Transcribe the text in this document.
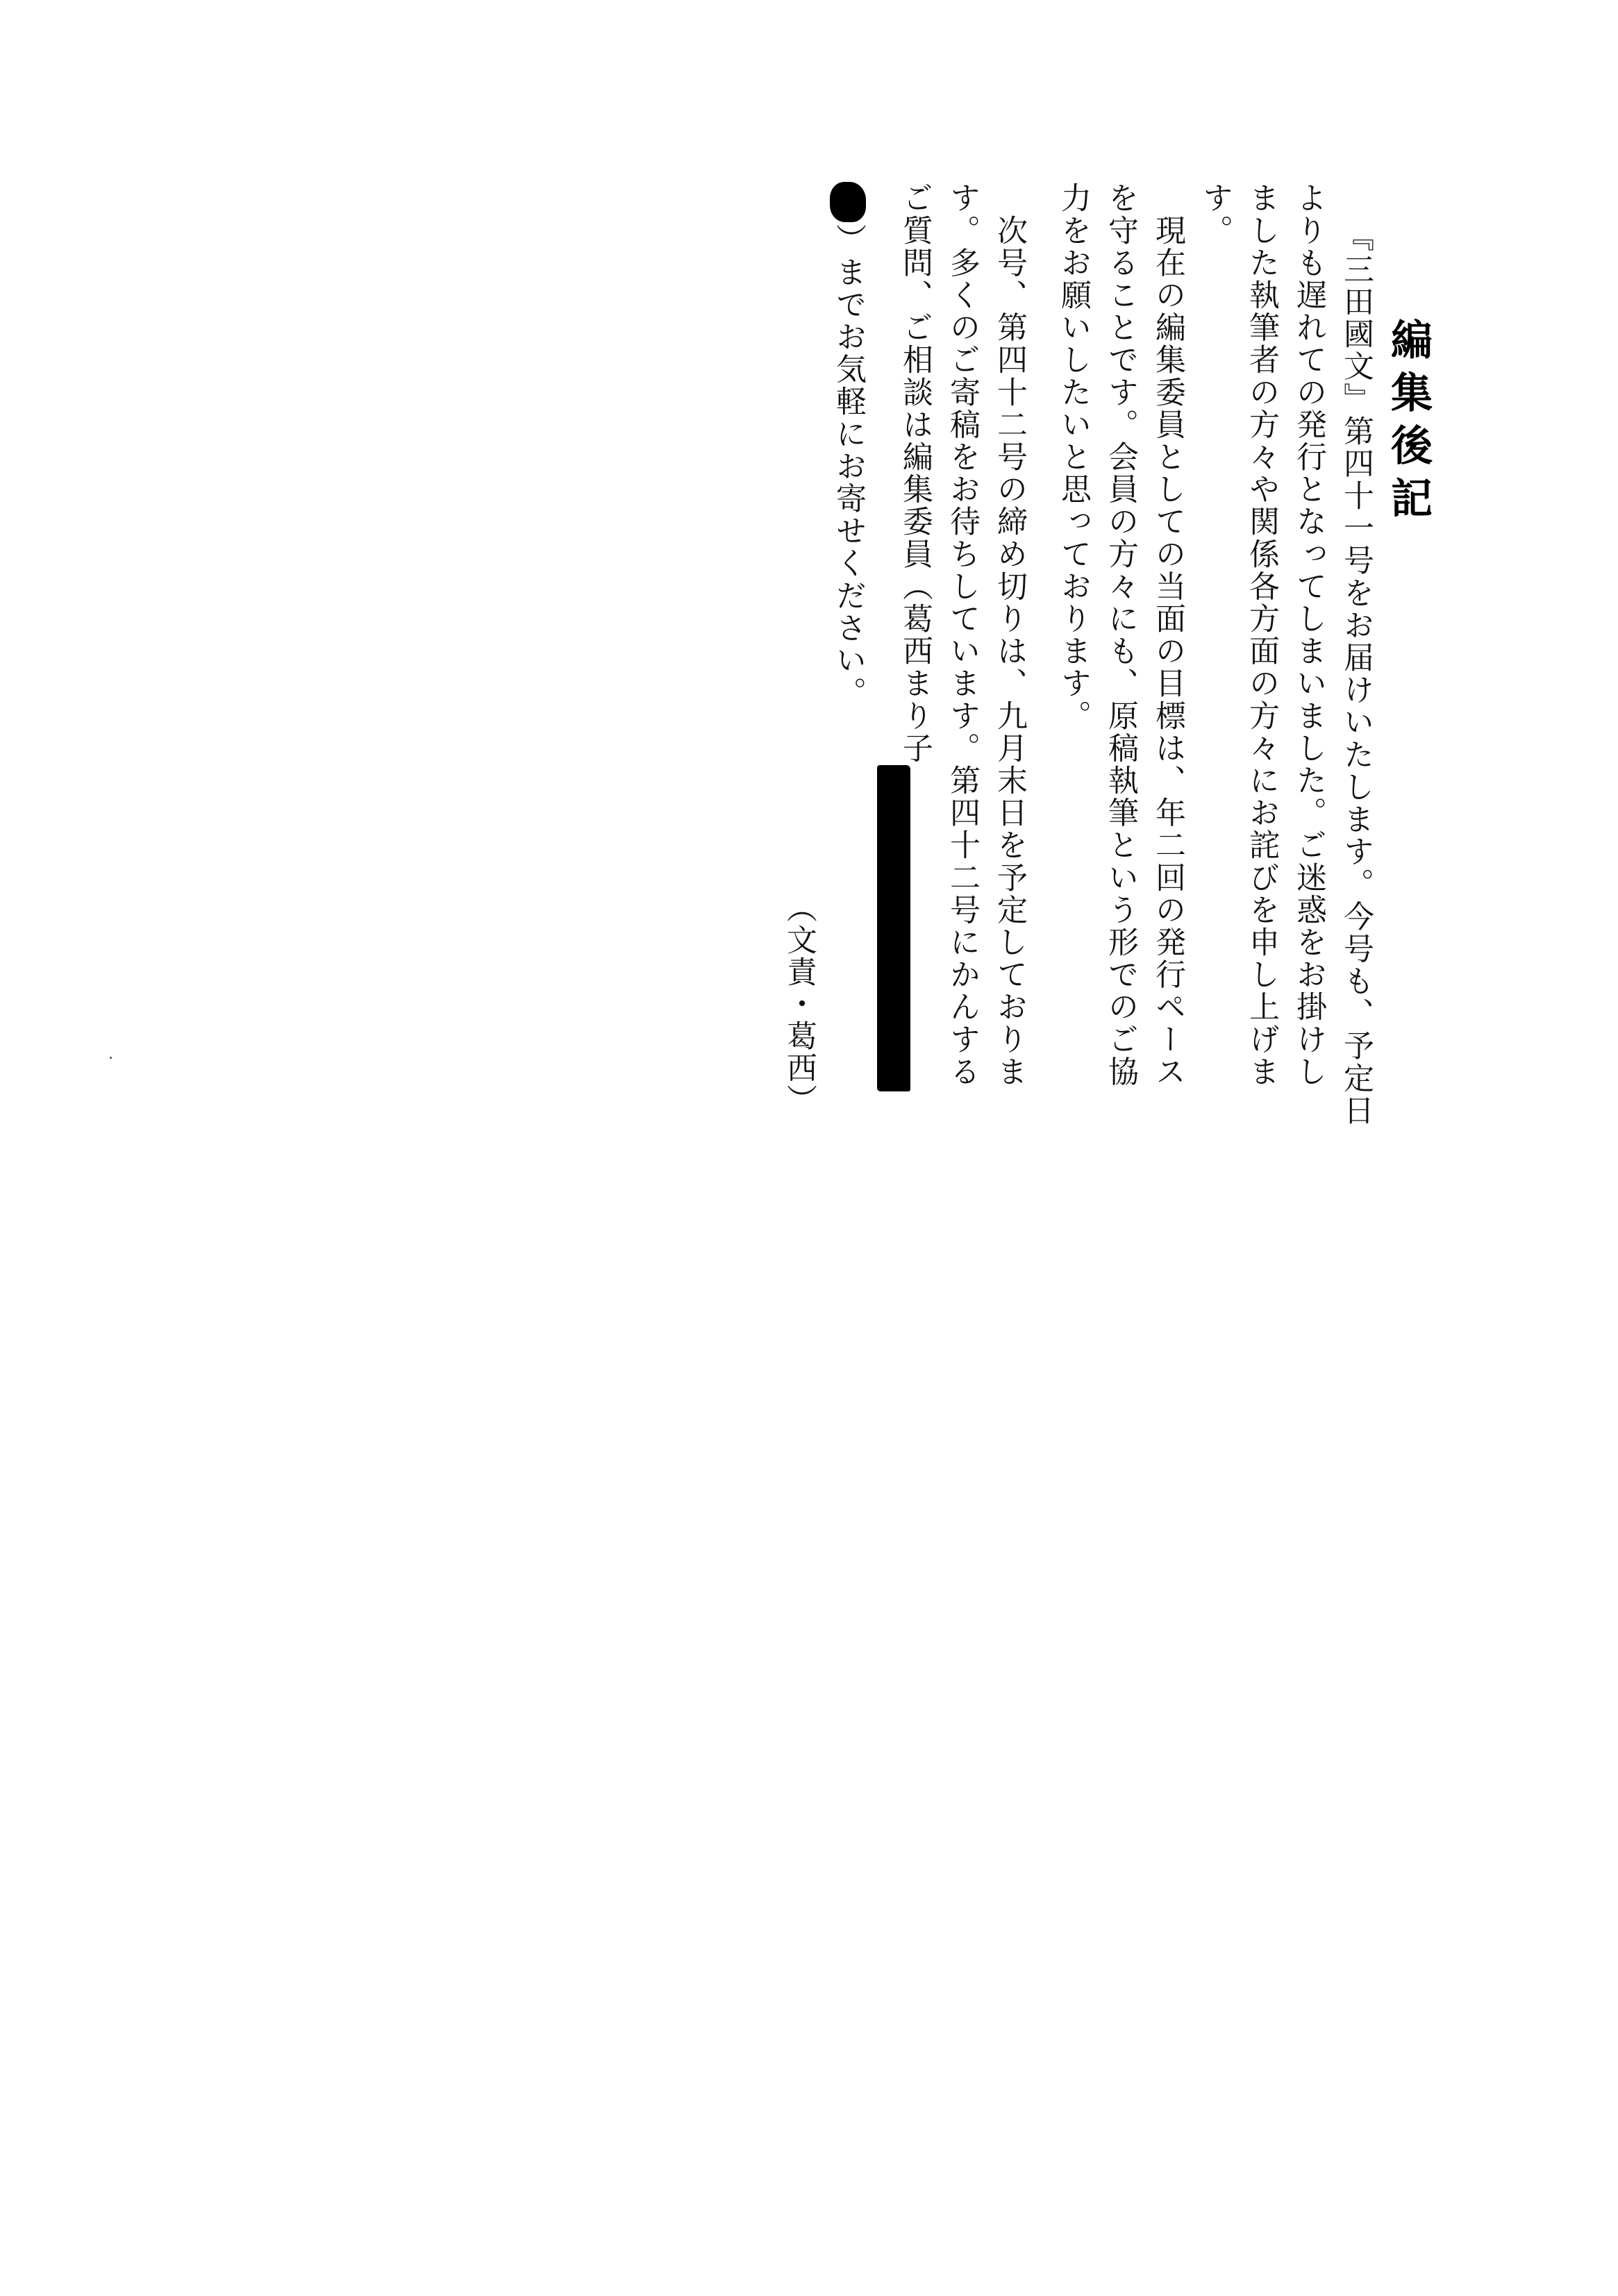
編集後記
『三田國文』第四十一号をお届けいたします。今号も、予定日
よりも遅れての発行となってしまいました。ご迷惑をお掛けし
ました執筆者の方々や関係各方面の方々にお詫びを申し上げま
す。
　現在の編集委員としての当面の目標は、年二回の発行ペース
を守ることです。会員の方々にも、原稿執筆という形でのご協
力をお願いしたいと思っております。
　次号、第四十二号の締め切りは、九月末日を予定しておりま
す。多くのご寄稿をお待ちしています。第四十二号にかんする
ご質問、ご相談は編集委員（葛西まり子
）までお気軽にお寄せください。
（文責・葛西）
